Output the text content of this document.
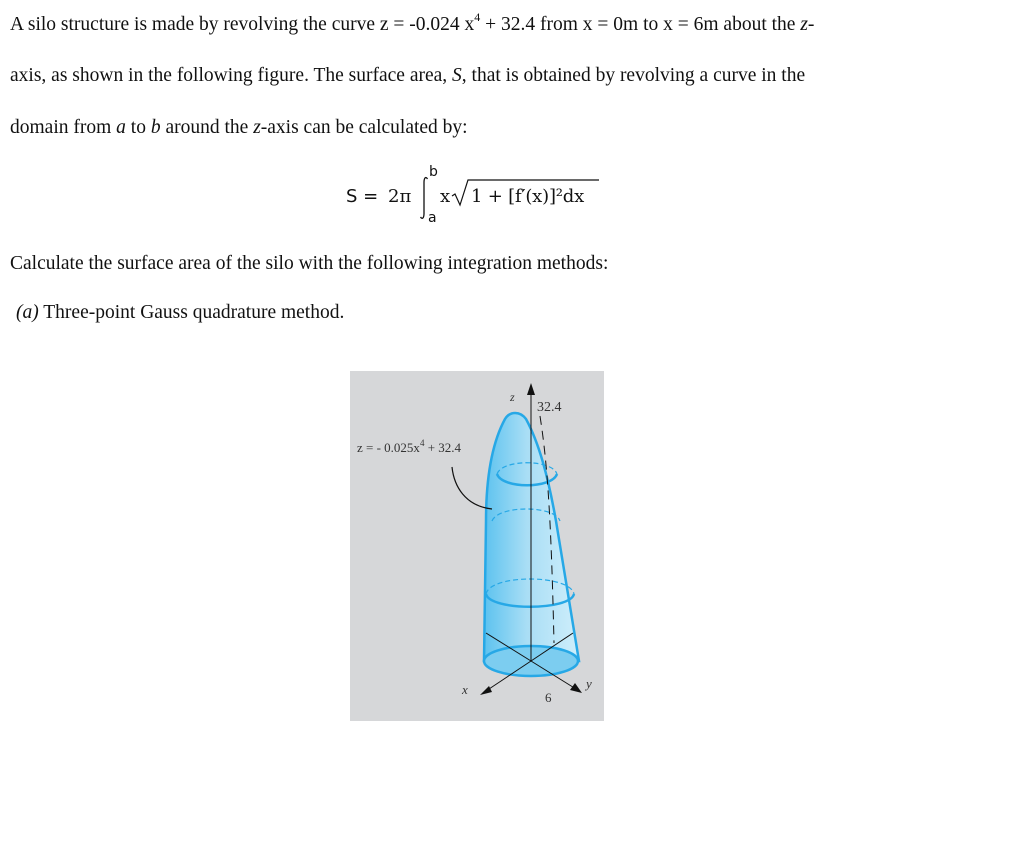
A silo structure is made by revolving the curve z = -0.024 $x^4 + 32.4$ from x = 0m to x = 6m about the z-
axis, as shown in the following figure. The surface area, S, that is obtained by revolving a curve in the
domain from a to b around the z-axis can be calculated by:
S = 2π
b
a
x 1 + [f′(x)]²dx
Calculate the surface area of the silo with the following integration methods:
(a) Three-point Gauss quadrature method.
z = - $0.025x^4 + 32.4$
z
32.4
x	y
6
